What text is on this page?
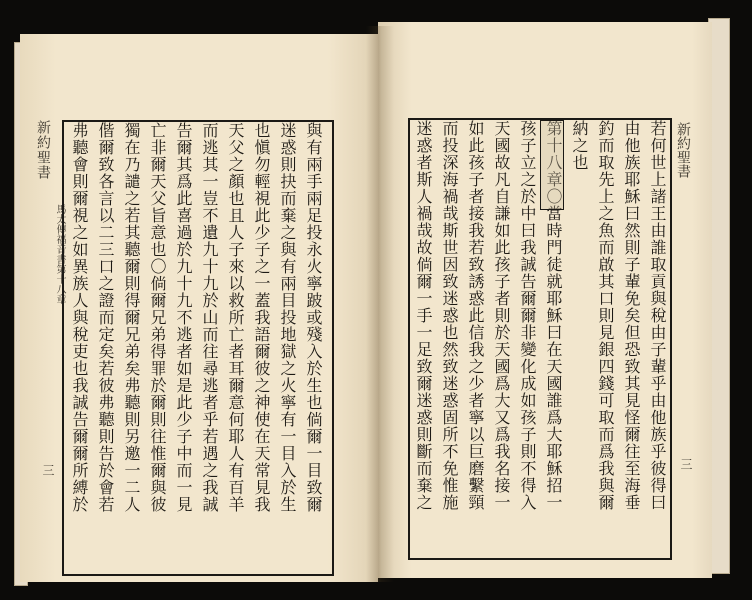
新約聖書
馬太傳福音書第十八章
三	與有兩手兩足投永火寧跛或殘入於生也倘爾一目致爾
迷惑則抉而棄之與有兩目投地獄之火寧有一目入於生
也愼勿輕視此少子之一蓋我語爾彼之神使在天常見我
天父之顏也且人子來以救所亡者耳爾意何耶人有百羊
而逃其一豈不遺九十九於山而往尋逃者乎若遇之我誠
告爾其爲此喜過於九十九不逃者如是此少子中而一見
亡非爾天父旨意也〇倘爾兄弟得罪於爾則往惟爾與彼
獨在乃譴之若其聽爾則得爾兄弟矣弗聽則另邀一二人
偕爾致各言以二三口之證而定矣若彼弗聽則告於會若
弗聽會則爾視之如異族人與稅吏也我誠告爾爾所縛於	若何世上諸王由誰取貢與稅由子輩乎由他族乎彼得曰
由他族耶穌曰然則子輩免矣但恐致其見怪爾往至海垂
釣而取先上之魚而啟其口則見銀四錢可取而爲我與爾
納之也
第十八章〇當時門徒就耶穌曰在天國誰爲大耶穌招一
孩子立之於中曰我誠告爾爾非變化成如孩子則不得入
天國故凡自謙如此孩子者則於天國爲大又爲我名接一
如此孩子者接我若致誘惑此信我之少者寧以巨磨繫頸
而投深海禍哉斯世因致迷惑也然致迷惑固所不免惟施
迷惑者斯人禍哉故倘爾一手一足致爾迷惑則斷而棄之	新約聖書
三
